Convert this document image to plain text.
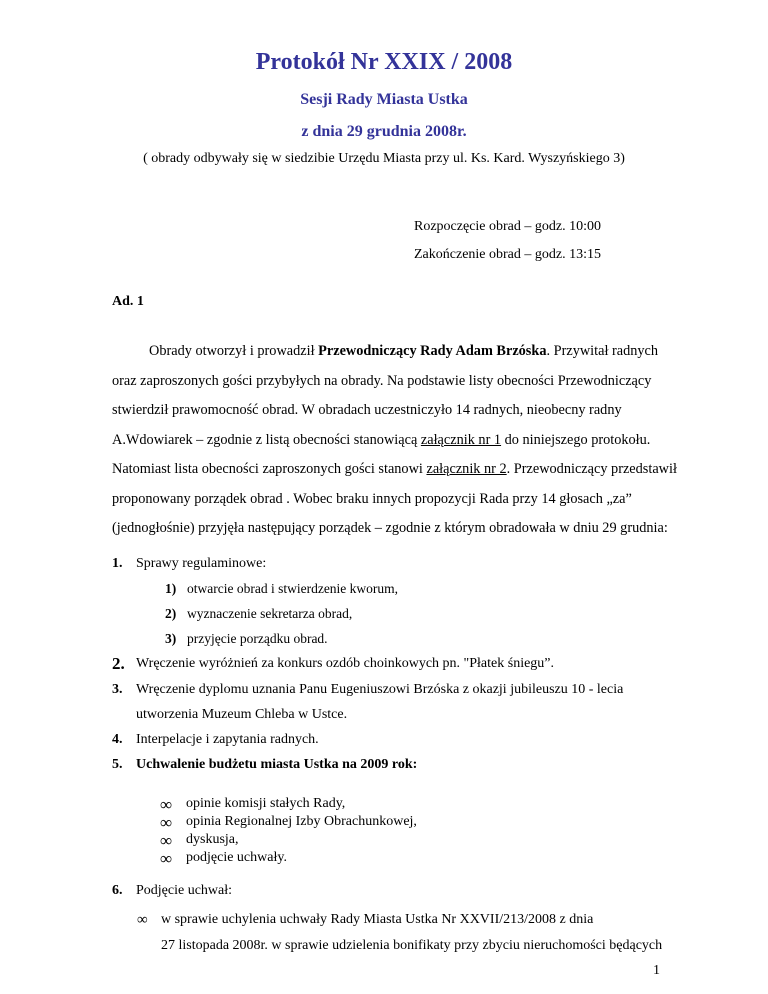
Protokół Nr XXIX / 2008
Sesji Rady Miasta Ustka
z dnia 29 grudnia 2008r.
( obrady odbywały się w siedzibie Urzędu Miasta przy ul. Ks. Kard. Wyszyńskiego 3)
Rozpoczęcie obrad – godz. 10:00
Zakończenie obrad – godz. 13:15
Ad. 1
Obrady otworzył i prowadził Przewodniczący Rady Adam Brzóska. Przywitał radnych
oraz zaproszonych gości przybyłych na obrady. Na podstawie listy obecności Przewodniczący
stwierdził prawomocność obrad. W obradach uczestniczyło 14 radnych, nieobecny radny
A.Wdowiarek – zgodnie z listą obecności stanowiącą załącznik nr 1 do niniejszego protokołu.
Natomiast lista obecności zaproszonych gości stanowi załącznik nr 2. Przewodniczący przedstawił
proponowany porządek obrad . Wobec braku innych propozycji Rada przy 14 głosach „za”
(jednogłośnie) przyjęła następujący porządek – zgodnie z którym obradowała w dniu 29 grudnia:
1. Sprawy regulaminowe:
1) otwarcie obrad i stwierdzenie kworum,
2) wyznaczenie sekretarza obrad,
3) przyjęcie porządku obrad.
2. Wręczenie wyróżnień za konkurs ozdób choinkowych pn. "Płatek śniegu”.
3. Wręczenie dyplomu uznania Panu Eugeniuszowi Brzóska z okazji jubileuszu 10 - lecia
utworzenia Muzeum Chleba w Ustce.
4. Interpelacje i zapytania radnych.
5. Uchwalenie budżetu miasta Ustka na 2009 rok:
∞ opinie komisji stałych Rady,
∞ opinia Regionalnej Izby Obrachunkowej,
∞ dyskusja,
∞ podjęcie uchwały.
6. Podjęcie uchwał:
∞ w sprawie uchylenia uchwały Rady Miasta Ustka Nr XXVII/213/2008 z dnia
27 listopada 2008r. w sprawie udzielenia bonifikaty przy zbyciu nieruchomości będących
1
